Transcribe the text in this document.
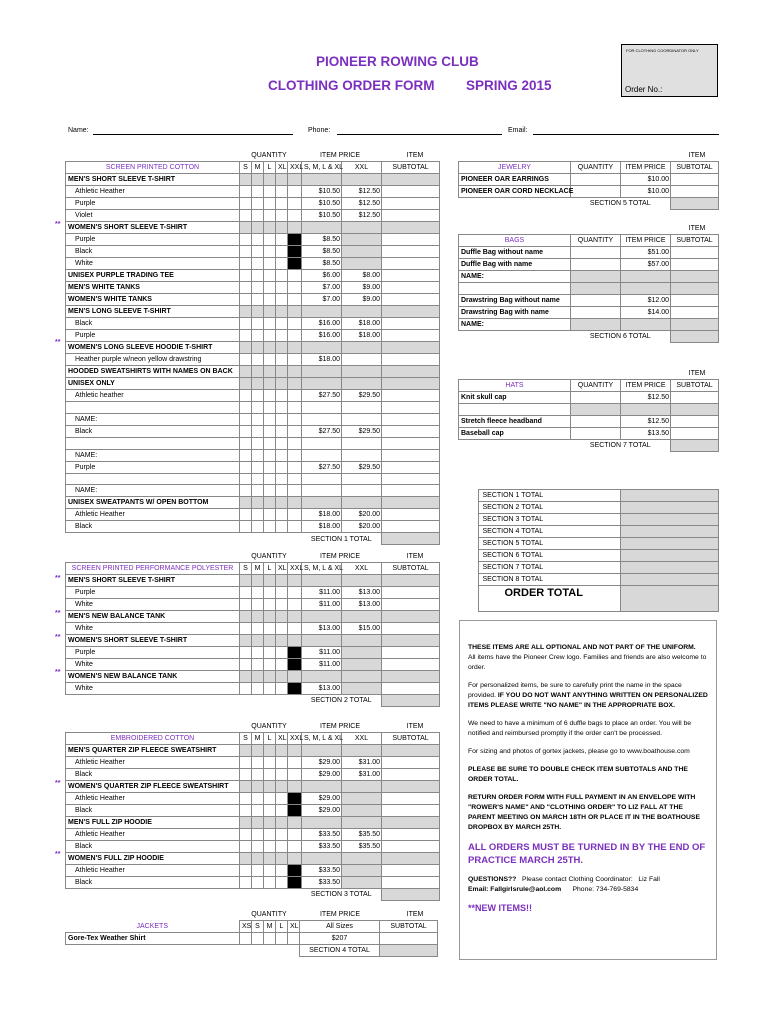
PIONEER ROWING CLUB
CLOTHING ORDER FORM SPRING 2015
FOR CLOTHING COORDINATOR ONLY
Order No.:
Name:	Phone:	Email:
QUANTITY	ITEM PRICE	ITEM
**
**
SCREEN PRINTED COTTON	S	M	L	XL	XXL	S, M, L & XL	XXL	SUBTOTAL
MEN'S SHORT SLEEVE T-SHIRT								
Athletic Heather						$10.50	$12.50	
Purple						$10.50	$12.50	
Violet						$10.50	$12.50	
WOMEN'S SHORT SLEEVE T-SHIRT								
Purple						$8.50		
Black						$8.50		
White						$8.50		
UNISEX PURPLE TRADING TEE						$6.00	$8.00	
MEN'S WHITE TANKS						$7.00	$9.00	
WOMEN'S WHITE TANKS						$7.00	$9.00	
MEN'S LONG SLEEVE T-SHIRT								
Black						$16.00	$18.00	
Purple						$16.00	$18.00	
WOMEN'S LONG SLEEVE HOODIE T-SHIRT								
Heather purple w/neon yellow drawstring						$18.00		
HOODED SWEATSHIRTS WITH NAMES ON BACK								
UNISEX ONLY								
Athletic heather						$27.50	$29.50	

NAME:								
Black						$27.50	$29.50	

NAME:								
Purple						$27.50	$29.50	

NAME:								
UNISEX SWEATPANTS W/ OPEN BOTTOM								
Athletic Heather						$18.00	$20.00	
Black						$18.00	$20.00	
						SECTION 1 TOTAL		
QUANTITY	ITEM PRICE	ITEM
**
**
**
**
SCREEN PRINTED PERFORMANCE POLYESTER	S	M	L	XL	XXL	S, M, L & XL	XXL	SUBTOTAL
MEN'S SHORT SLEEVE T-SHIRT								
Purple						$11.00	$13.00	
White						$11.00	$13.00	
MEN'S NEW BALANCE TANK								
White						$13.00	$15.00	
WOMEN'S SHORT SLEEVE T-SHIRT								
Purple						$11.00		
White						$11.00		
WOMEN'S NEW BALANCE TANK								
White						$13.00		
						SECTION 2 TOTAL		
QUANTITY	ITEM PRICE	ITEM
**
**
EMBROIDERED COTTON	S	M	L	XL	XXL	S, M, L & XL	XXL	SUBTOTAL
MEN'S QUARTER ZIP FLEECE SWEATSHIRT								
Athletic Heather						$29.00	$31.00	
Black						$29.00	$31.00	
WOMEN'S QUARTER ZIP FLEECE SWEATSHIRT								
Athletic Heather						$29.00		
Black						$29.00		
MEN'S FULL ZIP HOODIE								
Athletic Heather						$33.50	$35.50	
Black						$33.50	$35.50	
WOMEN'S FULL ZIP HOODIE								
Athletic Heather						$33.50		
Black						$33.50		
						SECTION 3 TOTAL		
QUANTITY	ITEM PRICE	ITEM
JACKETS	XS	S	M	L	XL	All Sizes	SUBTOTAL
Gore-Tex Weather Shirt						$207	
						SECTION 4 TOTAL	
ITEM
JEWELRY	QUANTITY	ITEM PRICE	SUBTOTAL
PIONEER OAR EARRINGS		$10.00	
PIONEER OAR CORD NECKLACE		$10.00	
	SECTION 5 TOTAL		
ITEM
BAGS	QUANTITY	ITEM PRICE	SUBTOTAL
Duffle Bag without name		$51.00	
Duffle Bag with name		$57.00	
NAME:			

Drawstring Bag without name		$12.00	
Drawstring Bag with name		$14.00	
NAME:			
	SECTION 6 TOTAL		
ITEM
HATS	QUANTITY	ITEM PRICE	SUBTOTAL
Knit skull cap		$12.50	

Stretch fleece headband		$12.50	
Baseball cap		$13.50	
	SECTION 7 TOTAL		
	SECTION 1 TOTAL	
	SECTION 2 TOTAL	
	SECTION 3 TOTAL	
	SECTION 4 TOTAL	
	SECTION 5 TOTAL	
	SECTION 6 TOTAL	
	SECTION 7 TOTAL	
	SECTION 8 TOTAL	
	ORDER TOTAL	

THESE ITEMS ARE ALL OPTIONAL AND NOT PART OF THE UNIFORM.
All items have the Pioneer Crew logo. Families and friends are also welcome to order.

For personalized items, be sure to carefully print the name in the space provided. IF YOU DO NOT WANT ANYTHING WRITTEN ON PERSONALIZED ITEMS PLEASE WRITE "NO NAME" IN THE APPROPRIATE BOX.

We need to have a minimum of 6 duffle bags to place an order. You will be notified and reimbursed promptly if the order can't be processed.

For sizing and photos of gortex jackets, please go to www.boathouse.com

PLEASE BE SURE TO DOUBLE CHECK ITEM SUBTOTALS AND THE ORDER TOTAL.

RETURN ORDER FORM WITH FULL PAYMENT IN AN ENVELOPE WITH "ROWER'S NAME" AND "CLOTHING ORDER" TO LIZ FALL AT THE PARENT MEETING ON MARCH 18TH OR PLACE IT IN THE BOATHOUSE DROPBOX BY MARCH 25TH.

ALL ORDERS MUST BE TURNED IN BY THE END OF PRACTICE MARCH 25TH.

QUESTIONS?? Please contact Clothing Coordinator: Liz Fall
Email: Fallgirlsrule@aol.com Phone: 734-769-5834

**NEW ITEMS!!
